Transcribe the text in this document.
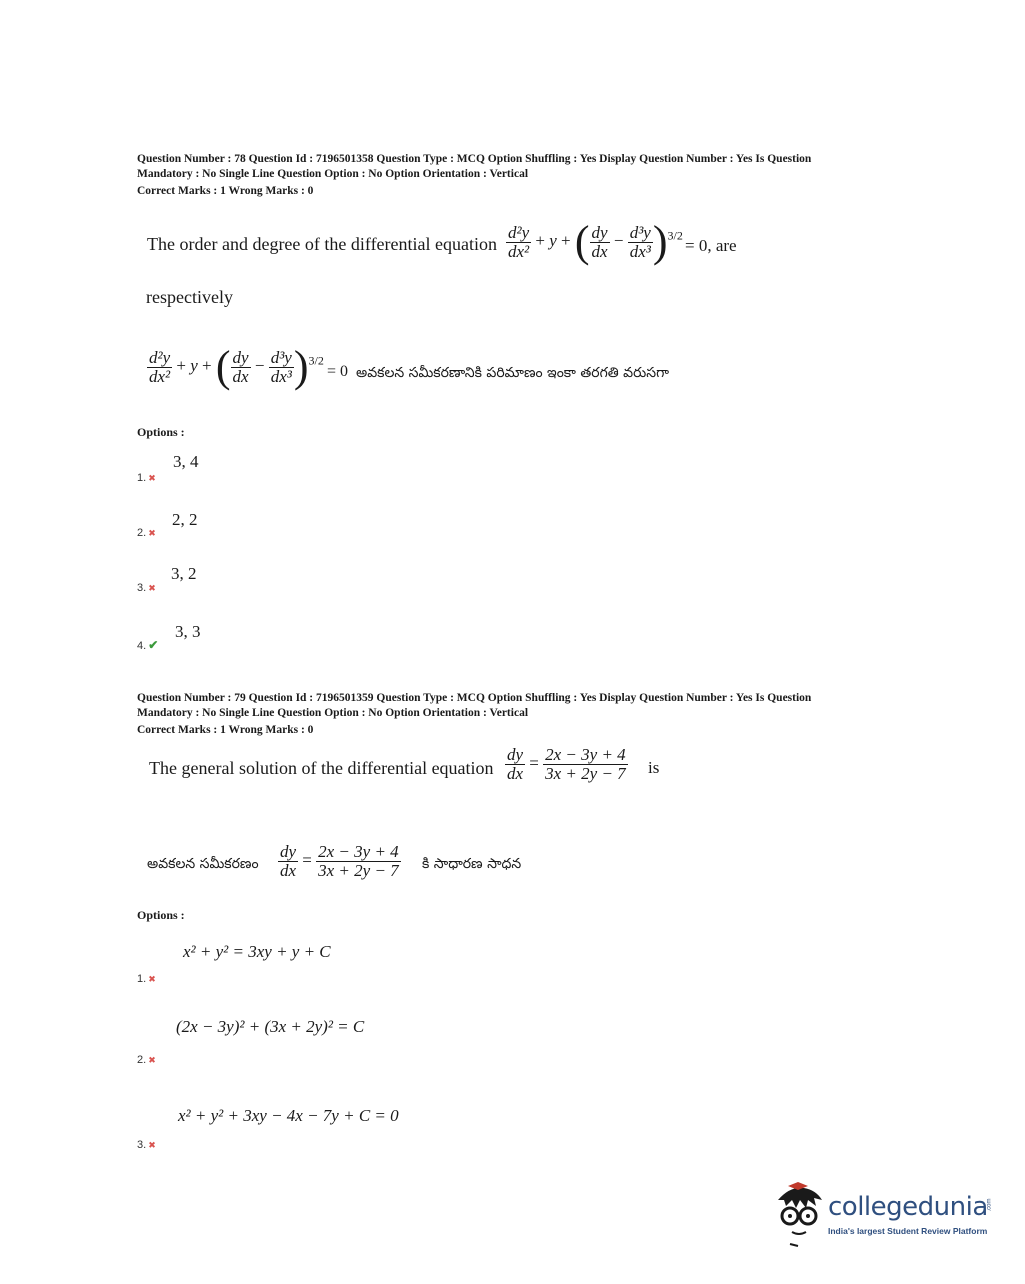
Question Number : 78 Question Id : 7196501358 Question Type : MCQ Option Shuffling : Yes Display Question Number : Yes Is Question
Mandatory : No Single Line Question Option : No Option Orientation : Vertical
Correct Marks : 1 Wrong Marks : 0
The order and degree of the differential equation $\frac{\text{d²y}}{\text{dx²}} + y$ + ( $\frac{dy}{dx} - \frac{\text{d³y}}{\text{dx³}} )^{3/2}$
= 0, are
respectively
$\frac{\text{d²y}}{\text{dx²}} + y$ + ( $\frac{dy}{dx} - \frac{\text{d³y}}{\text{dx³}} )^{3/2}$
= 0 అవకలన సమీకరణానికి పరిమాణం ఇంకా తరగతి వరుసగా
Options :
3, 4
1. ✖
2, 2
2. ✖
3, 2
3. ✖
3, 3
4. ✔
Question Number : 79 Question Id : 7196501359 Question Type : MCQ Option Shuffling : Yes Display Question Number : Yes Is Question
Mandatory : No Single Line Question Option : No Option Orientation : Vertical
Correct Marks : 1 Wrong Marks : 0
The general solution of the differential equation $\frac{dy}{dx} = \frac{2x - 3y + 4}{3x + 2y - 7}$ is
అవకలన సమీకరణం $\frac{dy}{dx} = \frac{2x - 3y + 4}{3x + 2y - 7}$ కి సాధారణ సాధన
Options :
x² + y² = 3xy + y + C
1. ✖
(2x − 3y)² + (3x + 2y)² = C
2. ✖
x² + y² + 3xy − 4x − 7y + C = 0
3. ✖
collegedunia
.com
India's largest Student Review Platform
